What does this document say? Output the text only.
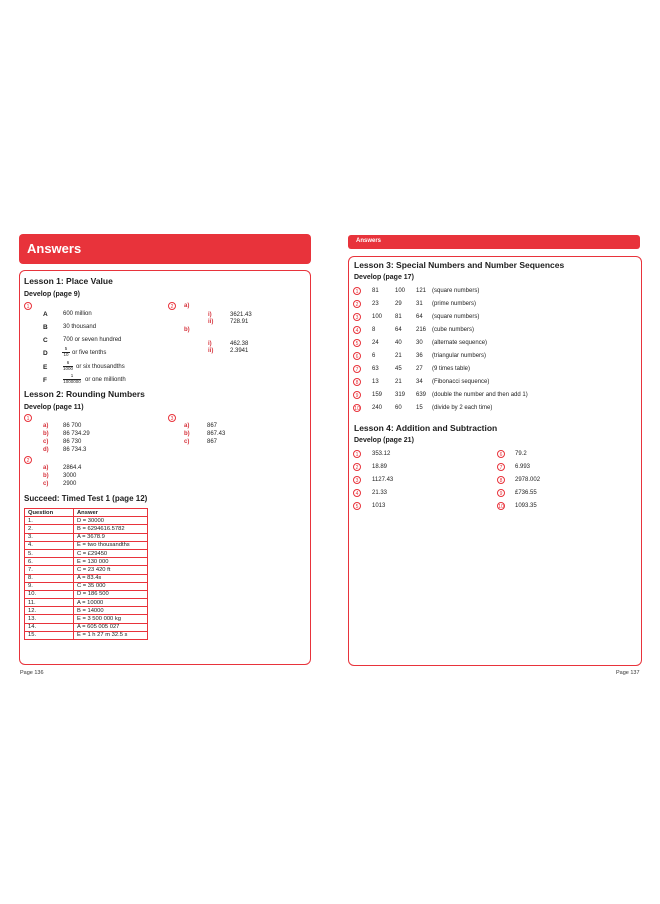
Answers
Lesson 1: Place Value
Develop (page 9)
1
A	600 million
B	30 thousand
C	700 or seven hundred
D	$\frac{5}{10}$ or five tenths
E	$\frac{6}{1000}$ or six thousandths
F	$\frac{1}{1000000}$ or one millionth
2	a)
i)	3621.43
ii)	728.91
b)
i)	462.38
ii)	2.3941
Lesson 2: Rounding Numbers
Develop (page 11)
1
a) 86 700
b) 86 734.29
c) 86 730
d) 86 734.3
2
a) 2864.4
b) 3000
c) 2900
3
a)	867
b)	867.43
c)	867
Succeed: Timed Test 1 (page 12)
Question	Answer
1.	D = 30000
2.	B = 6294616.5782
3.	A = 3678.9
4.	E = two thousandths
5.	C = £29450
6.	E = 130 000
7.	C = 23 420 ft
8.	A = 83.4s
9.	C = 35 000
10.	D = 186 500
11.	A = 10000
12.	B = 14000
13.	E = 3 500 000 kg
14.	A = 605 005 027
15.	E = 1 h 27 m 32.5 s
Page 136
Answers
Lesson 3: Special Numbers and Number Sequences
Develop (page 17)
1	81	100 121 (square numbers)
2	23	29 31 (prime numbers)
3	100 81 64 (square numbers)
4	8	64 216 (cube numbers)
5	24	40 30 (alternate sequence)
6	6	21 36 (triangular numbers)
7	63	45 27 (9 times table)
8	13	21 34 (Fibonacci sequence)
9	159 319 639 (double the number and then add 1)
10 240 60 15 (divide by 2 each time)
Lesson 4: Addition and Subtraction
Develop (page 21)
1	353.12
2	18.89
3	1127.43
4	21.33
5	1013
6	79.2
7	6.993
8	2978.002
9	£736.55
10 1093.35
Page 137
